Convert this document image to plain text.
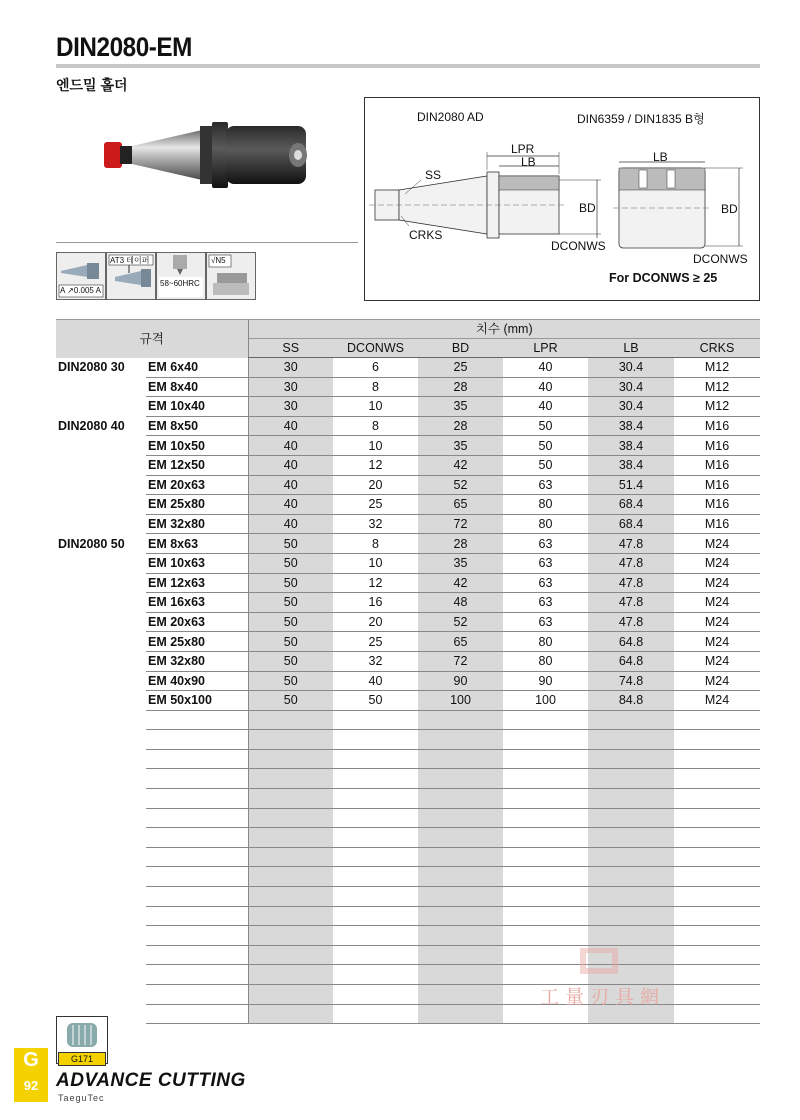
DIN2080-EM
엔드밀 홀더
A ↗0.005 A
AT3 테이퍼
58~60HRC
√N5
DIN2080 AD	DIN6359 / DIN1835 B형
LPR
LB
SS
BD
CRKS
DCONWS
LB
BD
DCONWS
For DCONWS ≥ 25
규격		치수 (mm)					
		SS	DCONWS	BD	LPR	LB	CRKS
DIN2080 30	EM 6x40	30	6	25	40	30.4	M12
	EM 8x40	30	8	28	40	30.4	M12
	EM 10x40	30	10	35	40	30.4	M12
DIN2080 40	EM 8x50	40	8	28	50	38.4	M16
	EM 10x50	40	10	35	50	38.4	M16
	EM 12x50	40	12	42	50	38.4	M16
	EM 20x63	40	20	52	63	51.4	M16
	EM 25x80	40	25	65	80	68.4	M16
	EM 32x80	40	32	72	80	68.4	M16
DIN2080 50	EM 8x63	50	8	28	63	47.8	M24
	EM 10x63	50	10	35	63	47.8	M24
	EM 12x63	50	12	42	63	47.8	M24
	EM 16x63	50	16	48	63	47.8	M24
	EM 20x63	50	20	52	63	47.8	M24
	EM 25x80	50	25	65	80	64.8	M24
	EM 32x80	50	32	72	80	64.8	M24
	EM 40x90	50	40	90	90	74.8	M24
	EM 50x100	50	50	100	100	84.8	M24

工量刃具網
G171
G
92 ADVANCE CUTTING
TaeguTec
